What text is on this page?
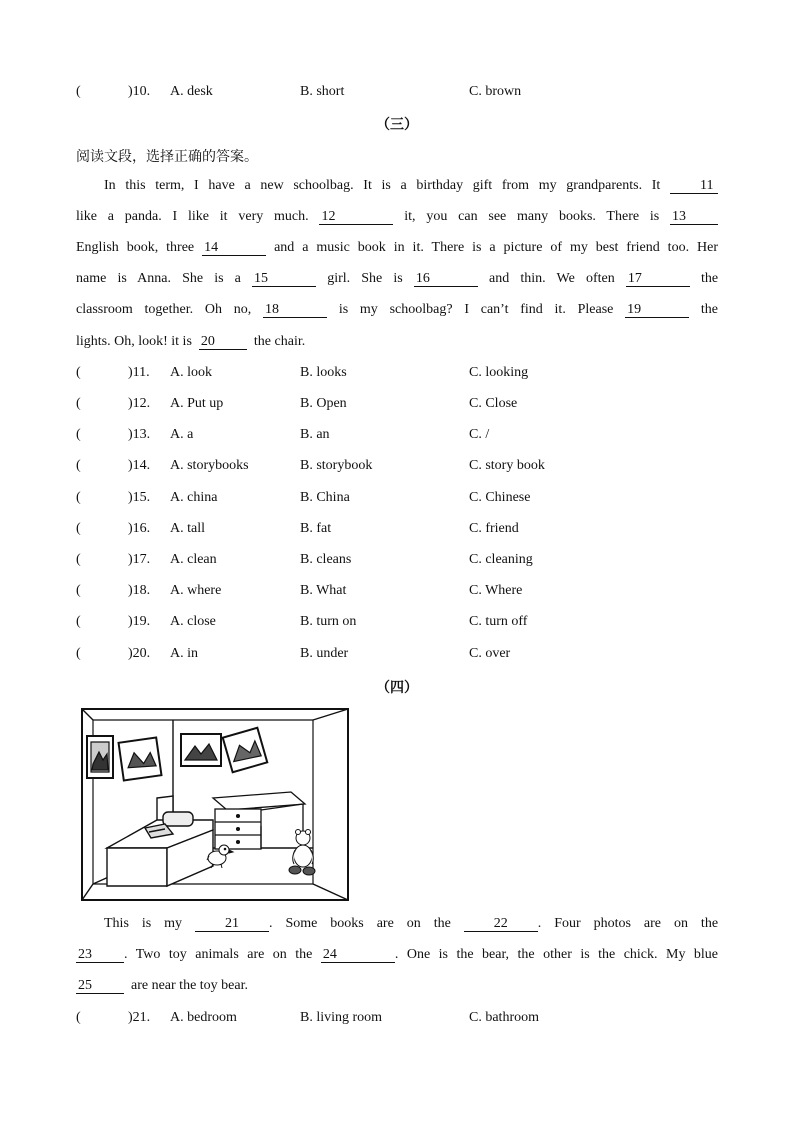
(	)10. A. desk	B. short	C. brown
（三）
阅读文段，选择正确的答案。
In this term, I have a new schoolbag. It is a birthday gift from my grandparents. It	11
like a panda. I like it very much. 12	it, you can see many books. There is 13
English book, three 14	and a music book in it. There is a picture of my best friend too. Her
name is Anna. She is a 15	girl. She is 16	and thin. We often 17	the
classroom together. Oh no, 18	is my schoolbag? I can’t find it. Please 19	the
lights. Oh, look! it is 20	the chair.
(	)11. A. look	B. looks	C. looking
(	)12. A. Put up	B. Open	C. Close
(	)13. A. a	B. an	C. /
(	)14. A. storybooks	B. storybook	C. story book
(	)15. A. china	B. China	C. Chinese
(	)16. A. tall	B. fat	C. friend
(	)17. A. clean	B. cleans	C. cleaning
(	)18. A. where	B. What	C. Where
(	)19. A. close	B. turn on	C. turn off
(	)20. A. in	B. under	C. over
（四）
This is my	21 . Some books are on the	22 . Four photos are on the
23 . Two toy animals are on the 24	. One is the bear, the other is the chick. My blue
25	are near the toy bear.
(	)21. A. bedroom	B. living room	C. bathroom
